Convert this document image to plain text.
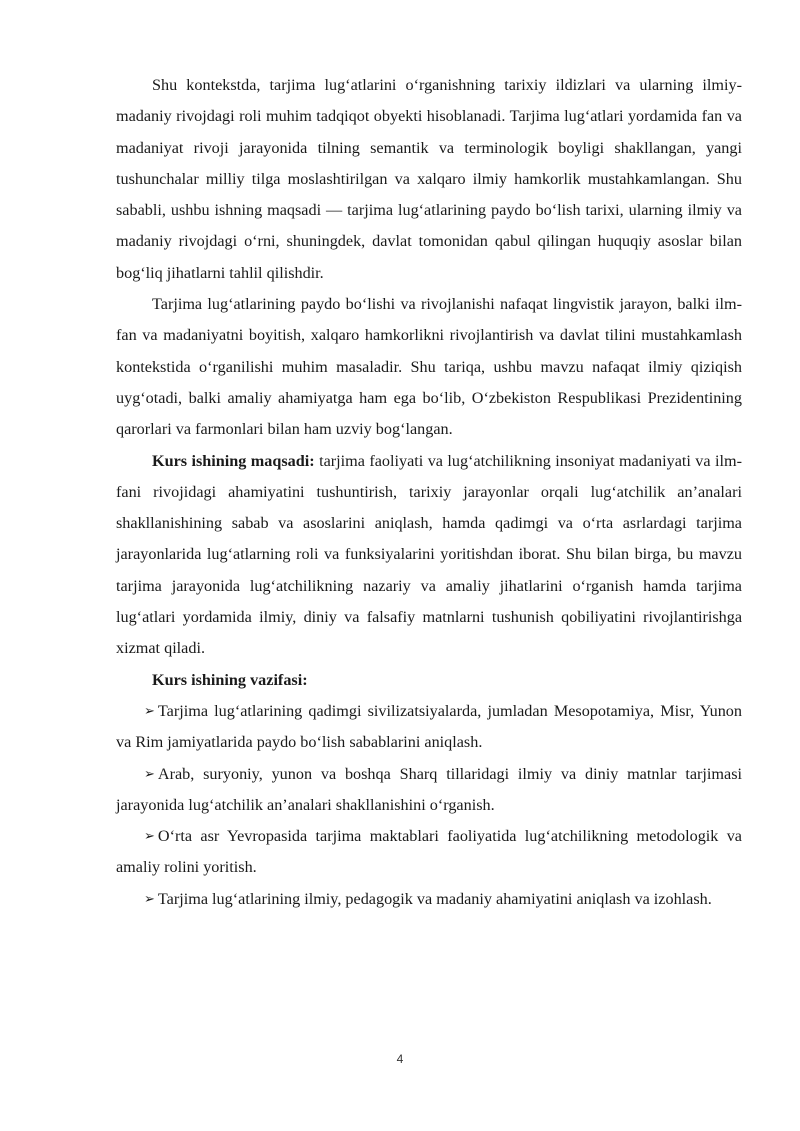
Shu kontekstda, tarjima lug‘atlarini o‘rganishning tarixiy ildizlari va ularning ilmiy-madaniy rivojdagi roli muhim tadqiqot obyekti hisoblanadi. Tarjima lug‘atlari yordamida fan va madaniyat rivoji jarayonida tilning semantik va terminologik boyligi shakllangan, yangi tushunchalar milliy tilga moslashtirilgan va xalqaro ilmiy hamkorlik mustahkamlangan. Shu sababli, ushbu ishning maqsadi — tarjima lug‘atlarining paydo bo‘lish tarixi, ularning ilmiy va madaniy rivojdagi o‘rni, shuningdek, davlat tomonidan qabul qilingan huquqiy asoslar bilan bog‘liq jihatlarni tahlil qilishdir.

Tarjima lug‘atlarining paydo bo‘lishi va rivojlanishi nafaqat lingvistik jarayon, balki ilm-fan va madaniyatni boyitish, xalqaro hamkorlikni rivojlantirish va davlat tilini mustahkamlash kontekstida o‘rganilishi muhim masaladir. Shu tariqa, ushbu mavzu nafaqat ilmiy qiziqish uyg‘otadi, balki amaliy ahamiyatga ham ega bo‘lib, O‘zbekiston Respublikasi Prezidentining qarorlari va farmonlari bilan ham uzviy bog‘langan.

Kurs ishining maqsadi: tarjima faoliyati va lug‘atchilikning insoniyat madaniyati va ilm-fani rivojidagi ahamiyatini tushuntirish, tarixiy jarayonlar orqali lug‘atchilik an’analari shakllanishining sabab va asoslarini aniqlash, hamda qadimgi va o‘rta asrlardagi tarjima jarayonlarida lug‘atlarning roli va funksiyalarini yoritishdan iborat. Shu bilan birga, bu mavzu tarjima jarayonida lug‘atchilikning nazariy va amaliy jihatlarini o‘rganish hamda tarjima lug‘atlari yordamida ilmiy, diniy va falsafiy matnlarni tushunish qobiliyatini rivojlantirishga xizmat qiladi.

Kurs ishining vazifasi:

➢ Tarjima lug‘atlarining qadimgi sivilizatsiyalarda, jumladan Mesopotamiya, Misr, Yunon va Rim jamiyatlarida paydo bo‘lish sabablarini aniqlash.

➢ Arab, suryoniy, yunon va boshqa Sharq tillaridagi ilmiy va diniy matnlar tarjimasi jarayonida lug‘atchilik an’analari shakllanishini o‘rganish.

➢ O‘rta asr Yevropasida tarjima maktablari faoliyatida lug‘atchilikning metodologik va amaliy rolini yoritish.

➢ Tarjima lug‘atlarining ilmiy, pedagogik va madaniy ahamiyatini aniqlash va izohlash.

4
